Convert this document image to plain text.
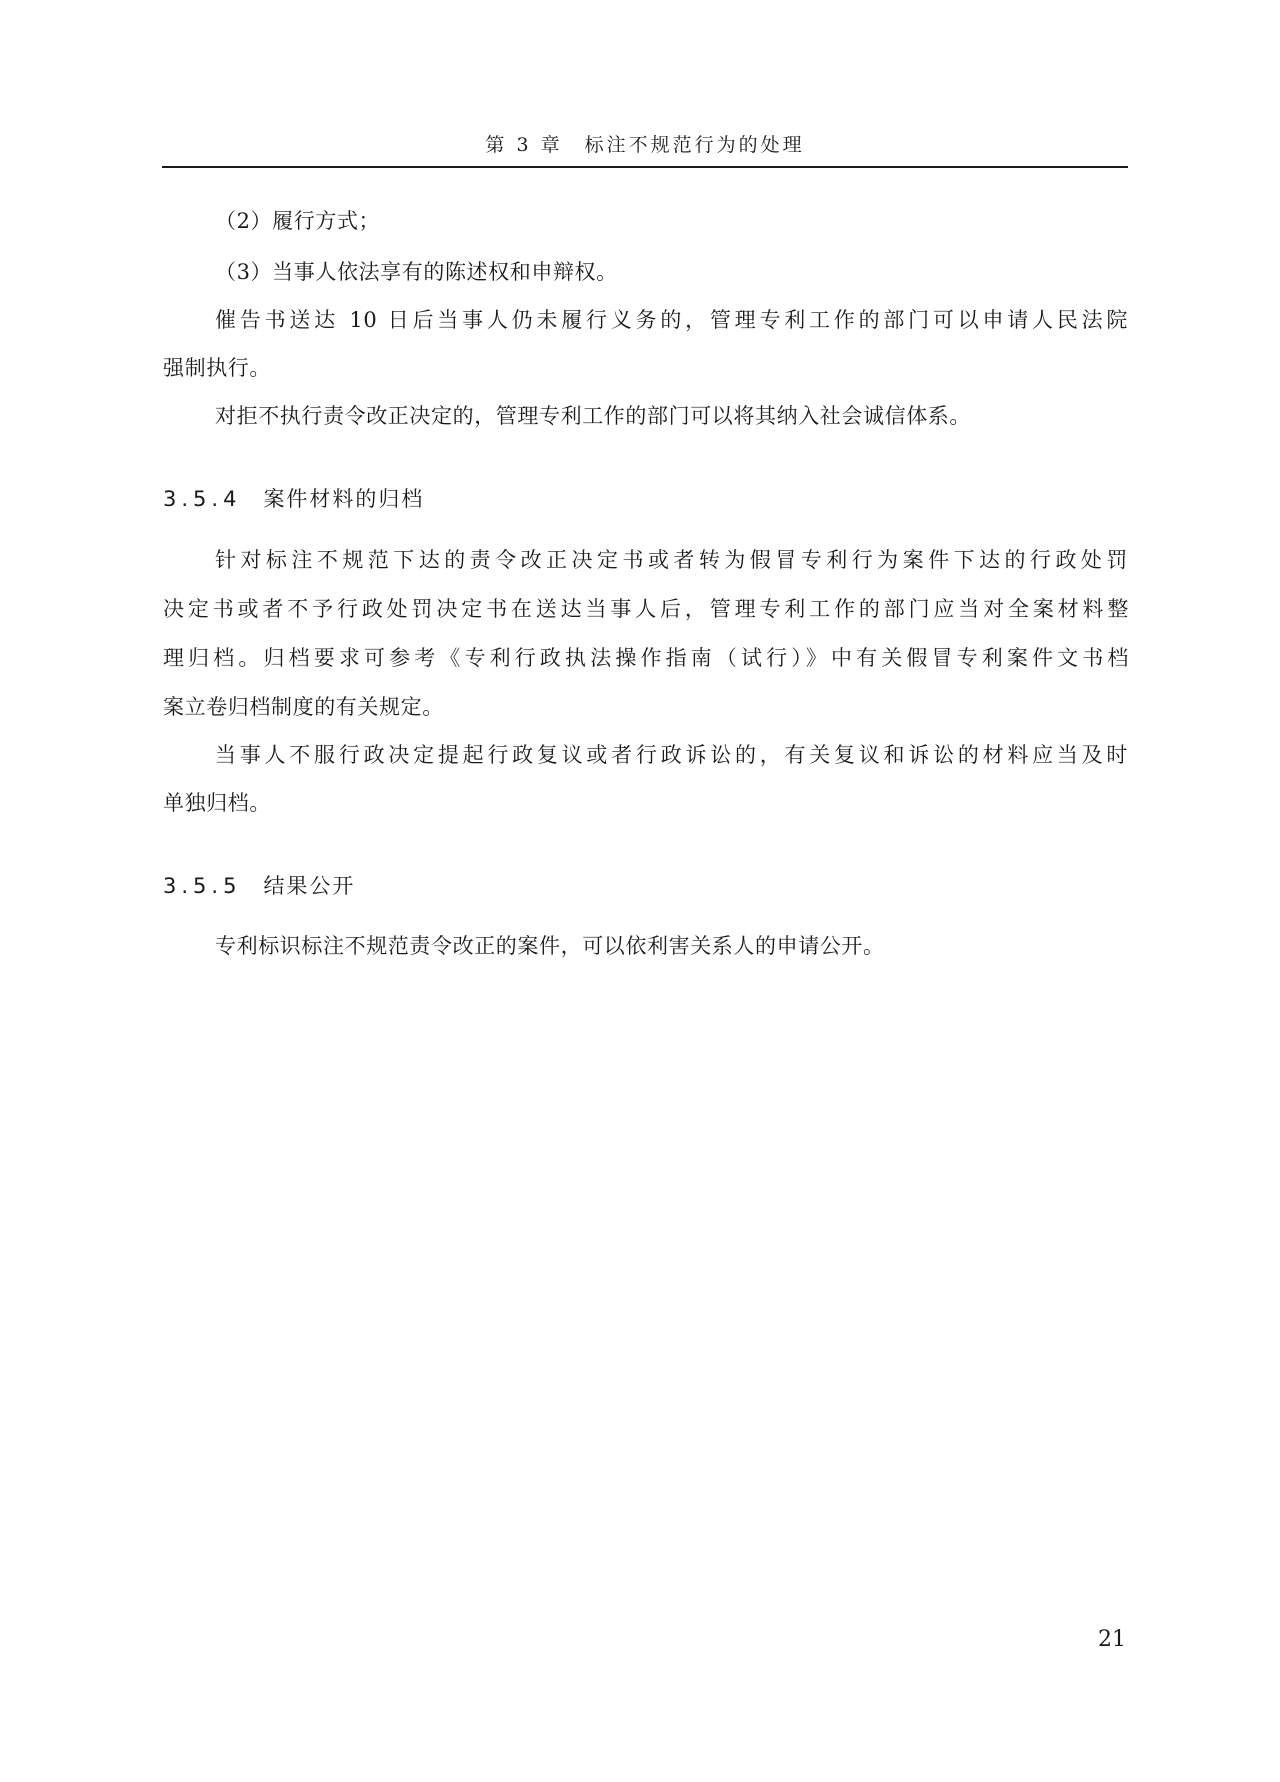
第 3 章　标注不规范行为的处理
（2）履行方式；
（3）当事人依法享有的陈述权和申辩权。
催告书送达 10 日后当事人仍未履行义务的，管理专利工作的部门可以申请人民法院
强制执行。
对拒不执行责令改正决定的，管理专利工作的部门可以将其纳入社会诚信体系。
3.5.4 案件材料的归档
针对标注不规范下达的责令改正决定书或者转为假冒专利行为案件下达的行政处罚
决定书或者不予行政处罚决定书在送达当事人后，管理专利工作的部门应当对全案材料整
理归档。归档要求可参考《专利行政执法操作指南（试行）》中有关假冒专利案件文书档
案立卷归档制度的有关规定。
当事人不服行政决定提起行政复议或者行政诉讼的，有关复议和诉讼的材料应当及时
单独归档。
3.5.5 结果公开
专利标识标注不规范责令改正的案件，可以依利害关系人的申请公开。
21
